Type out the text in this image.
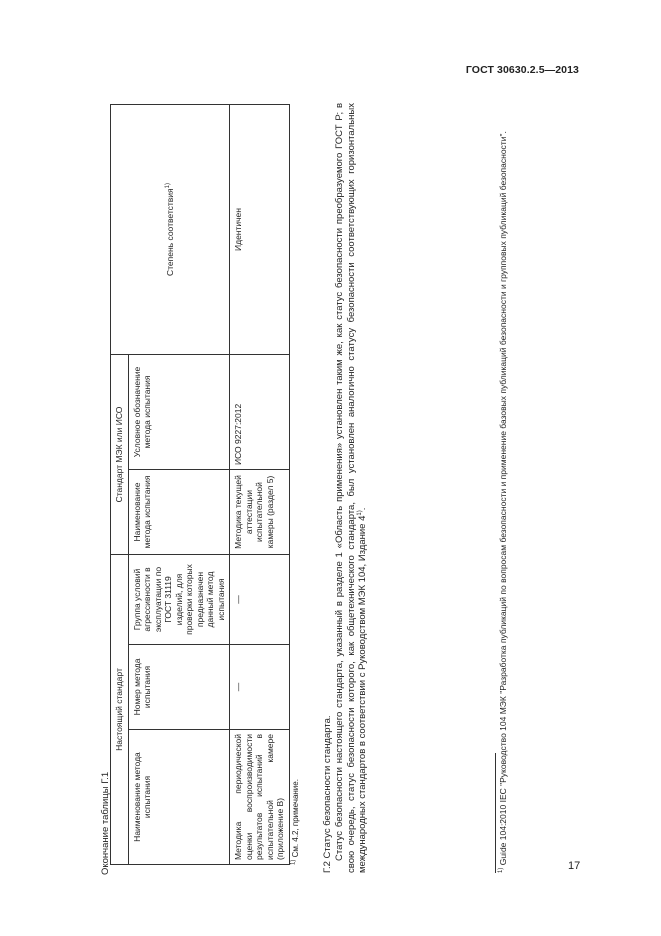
ГОСТ 30630.2.5—2013
Окончание таблицы Г.1
Настоящий стандарт			Стандарт МЭК или ИСО		Степень соответствия$^{1)}$
Наименование метода испытания	Номер метода испытания	Группа условий агрессивности в эксплуатации по ГОСТ 31119 изделий, для проверки которых предназначен данный метод испытания	Наименование метода испытания	Условное обозначение метода испытания	
Методика периодической оценки воспроизводимости результатов испытаний в испытательной камере (приложение В)	—	—	Методика текущей аттестации испытательной камеры (раздел 5)	ИСО 9227:2012	Идентичен
$^{1)}$ См. 4.2, примечание. Г.2 Статус безопасности стандарта. Статус безопасности настоящего стандарта, указанный в разделе 1 «Область применения» установлен таким же, как статус безопасности преобразуемого ГОСТ Р; в свою очередь, статус безопасности которого, как общетехнического стандарта, был установлен аналогично статусу безопасности соответствующих горизонтальных международных стандартов в соответствии с Руководством МЭК 104, Издание 4$^{1)}$.

$^{1)}$ Guide 104:2010 IEC "Руководство 104 МЭК "Разработка публикаций по вопросам безопасности и применение базовых публикаций безопасности и групповых публикаций безопасности".
17
